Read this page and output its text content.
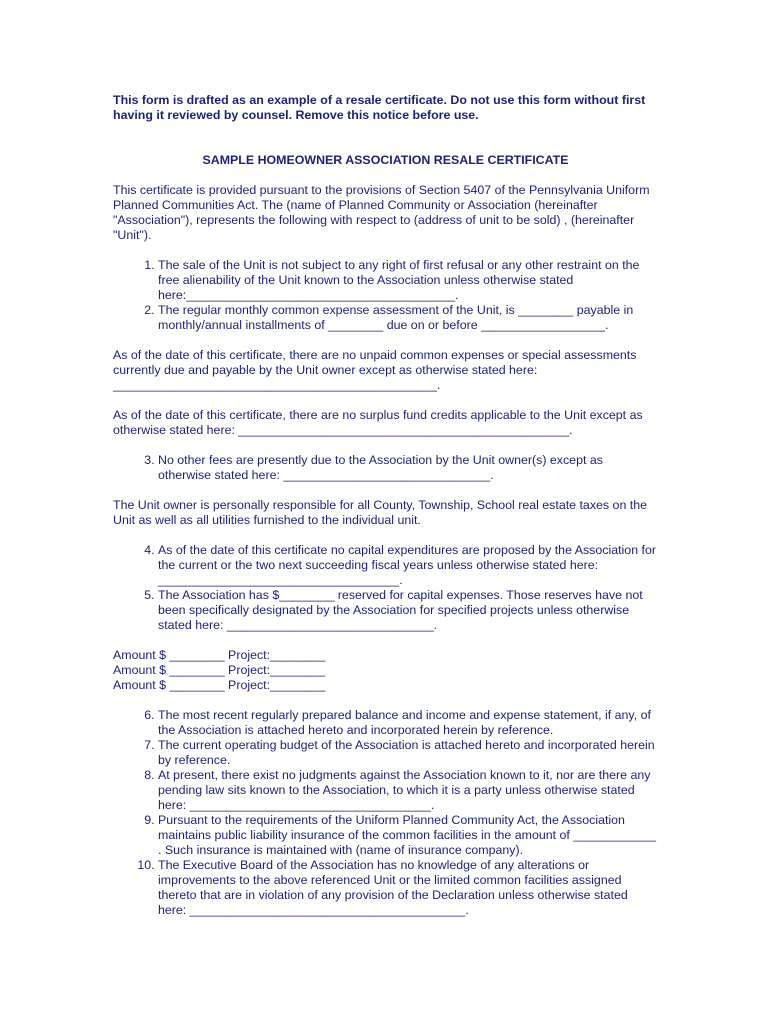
This form is drafted as an example of a resale certificate. Do not use this form without first having it reviewed by counsel. Remove this notice before use.

SAMPLE HOMEOWNER ASSOCIATION RESALE CERTIFICATE

This certificate is provided pursuant to the provisions of Section 5407 of the Pennsylvania Uniform Planned Communities Act. The (name of Planned Community or Association (hereinafter "Association"), represents the following with respect to (address of unit to be sold) , (hereinafter "Unit").

1. The sale of the Unit is not subject to any right of first refusal or any other restraint on the free alienability of the Unit known to the Association unless otherwise stated here:_______________________________________.
2. The regular monthly common expense assessment of the Unit, is ________ payable in monthly/annual installments of ________ due on or before __________________.

As of the date of this certificate, there are no unpaid common expenses or special assessments currently due and payable by the Unit owner except as otherwise stated here: _______________________________________________.

As of the date of this certificate, there are no surplus fund credits applicable to the Unit except as otherwise stated here: ________________________________________________.

3. No other fees are presently due to the Association by the Unit owner(s) except as otherwise stated here: ______________________________.

The Unit owner is personally responsible for all County, Township, School real estate taxes on the Unit as well as all utilities furnished to the individual unit.

4. As of the date of this certificate no capital expenditures are proposed by the Association for the current or the two next succeeding fiscal years unless otherwise stated here: ___________________________________.
5. The Association has $________ reserved for capital expenses. Those reserves have not been specifically designated by the Association for specified projects unless otherwise stated here: ______________________________.

Amount $ ________ Project:________

Amount $ ________ Project:________

Amount $ ________ Project:________

6. The most recent regularly prepared balance and income and expense statement, if any, of the Association is attached hereto and incorporated herein by reference.
7. The current operating budget of the Association is attached hereto and incorporated herein by reference.
8. At present, there exist no judgments against the Association known to it, nor are there any pending law sits known to the Association, to which it is a party unless otherwise stated here: ___________________________________.
9. Pursuant to the requirements of the Uniform Planned Community Act, the Association maintains public liability insurance of the common facilities in the amount of ____________ . Such insurance is maintained with (name of insurance company).
10. The Executive Board of the Association has no knowledge of any alterations or improvements to the above referenced Unit or the limited common facilities assigned thereto that are in violation of any provision of the Declaration unless otherwise stated here: ________________________________________.
